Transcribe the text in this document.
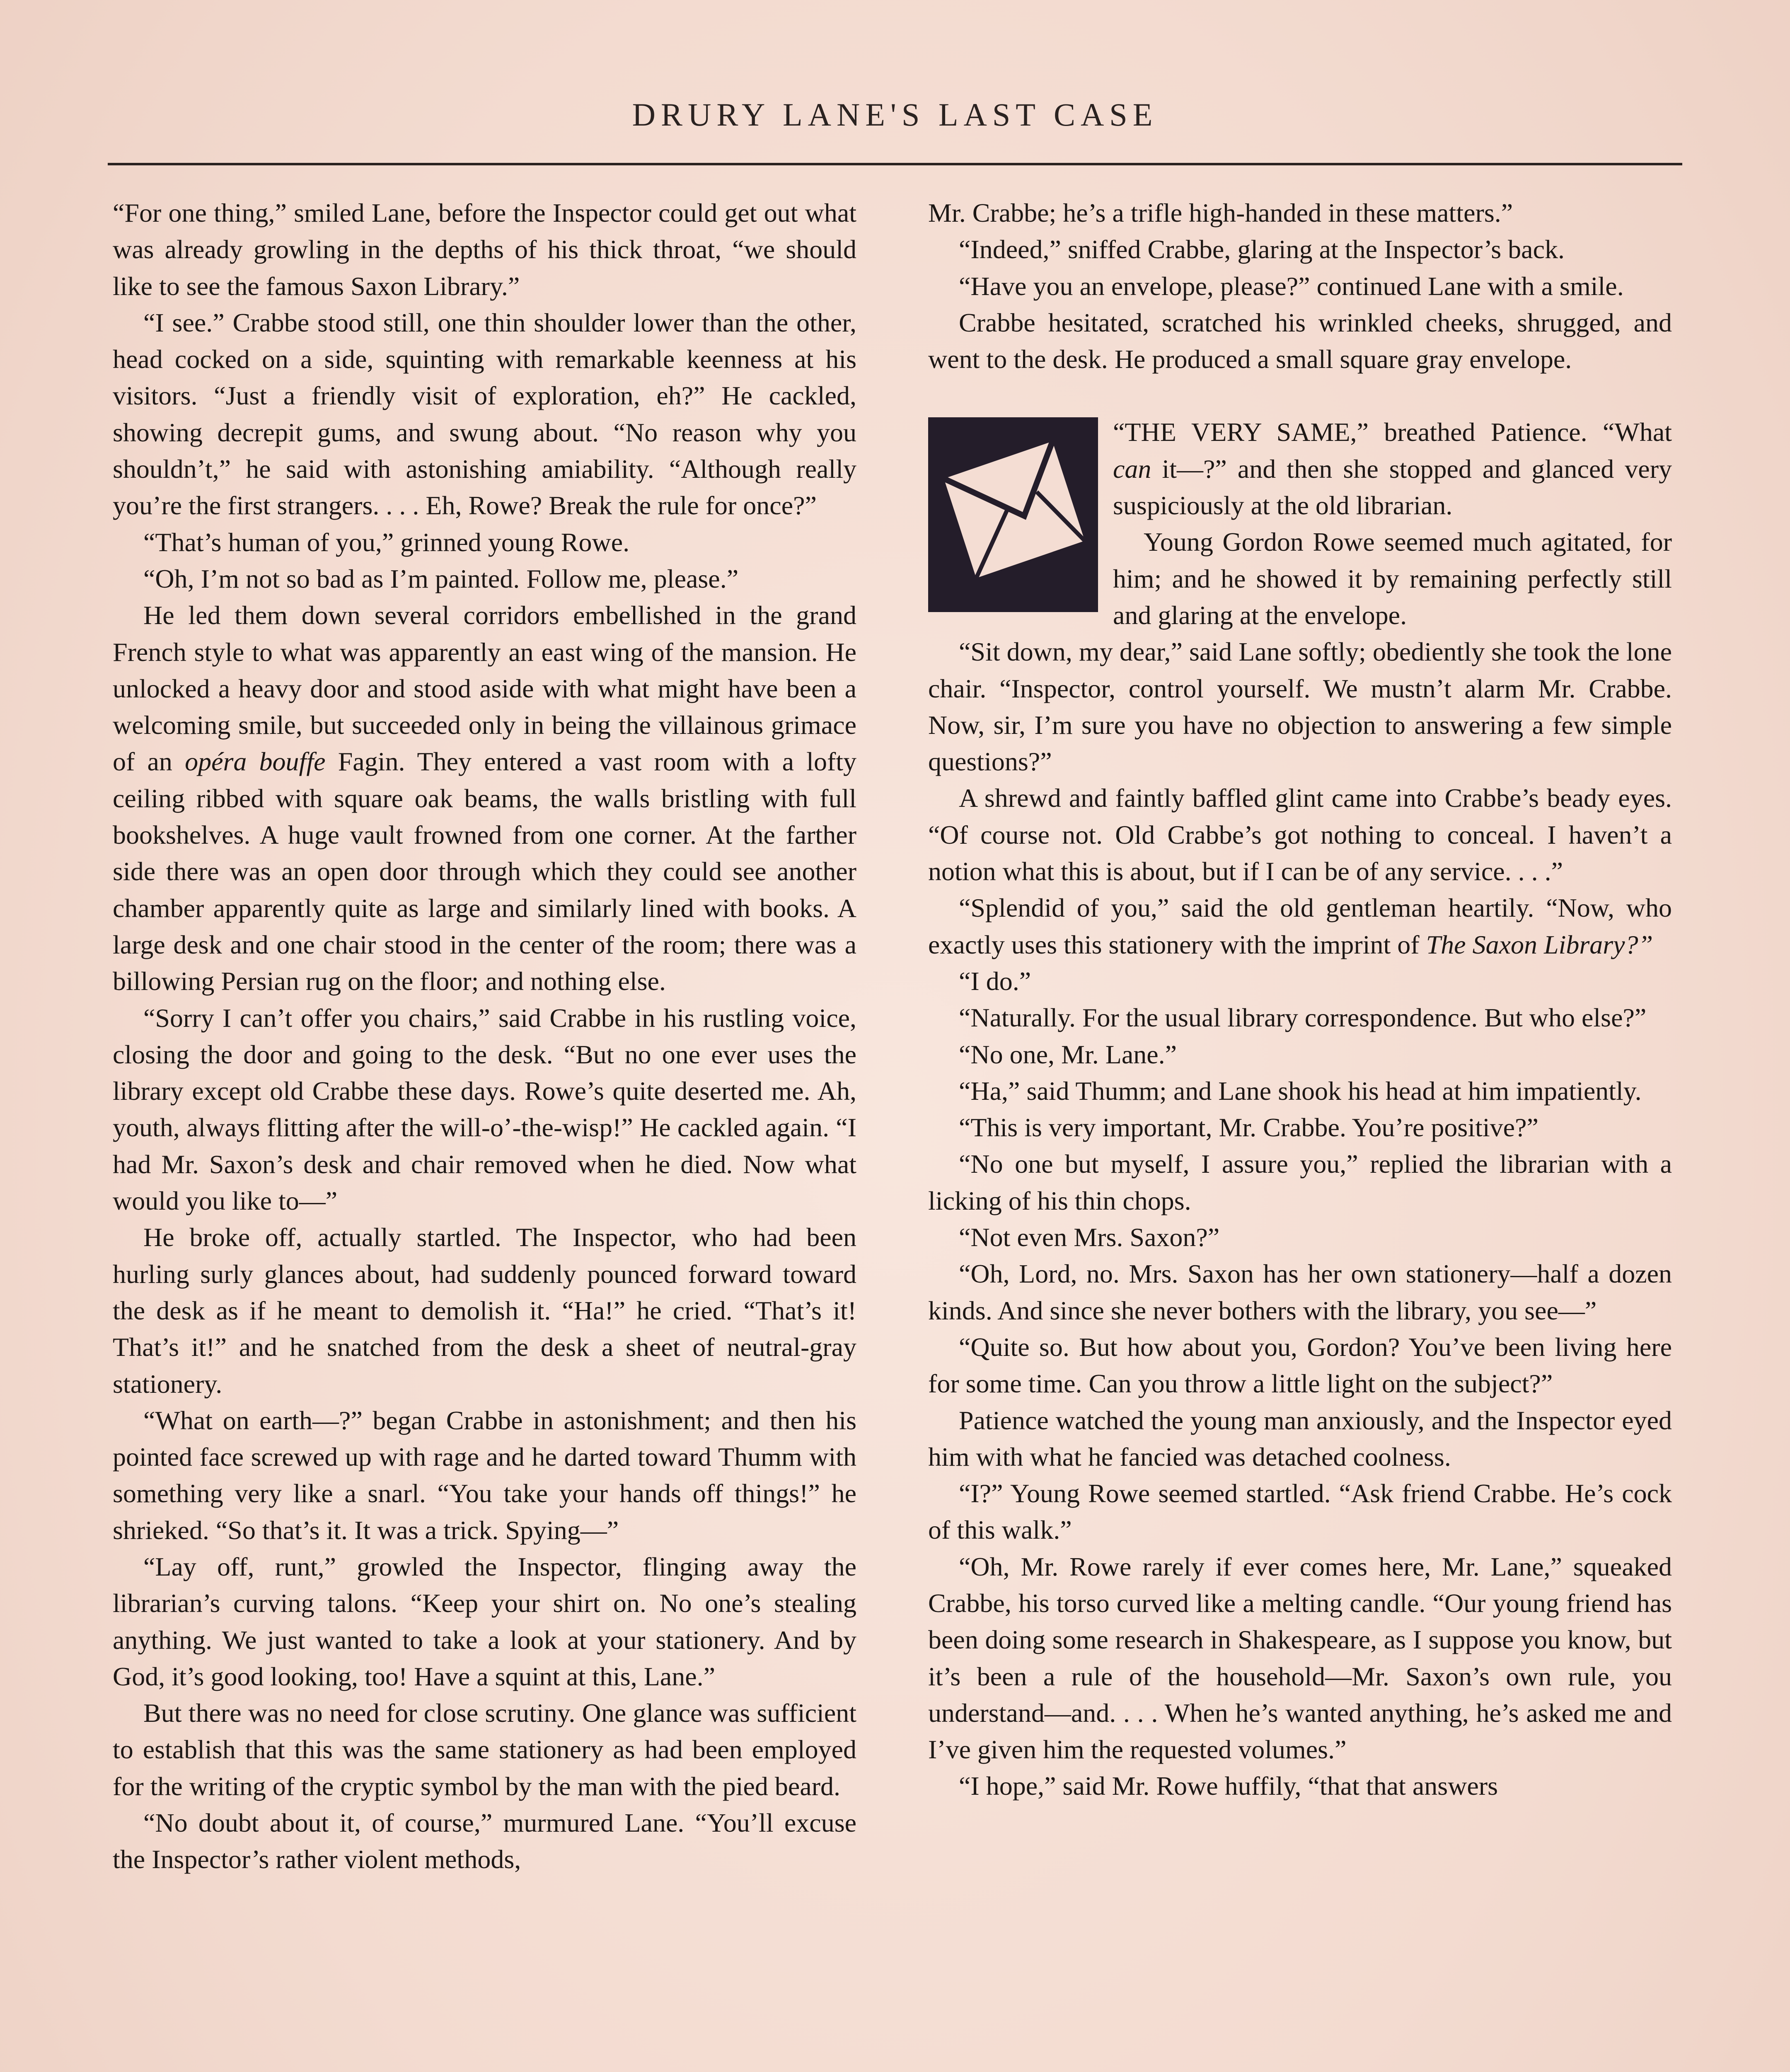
DRURY LANE'S LAST CASE

“For one thing,” smiled Lane, before the Inspector could get out what was already growling in the depths of his thick throat, “we should like to see the famous Saxon Library.”

“I see.” Crabbe stood still, one thin shoulder lower than the other, head cocked on a side, squinting with remarkable keenness at his visitors. “Just a friendly visit of exploration, eh?” He cackled, showing decrepit gums, and swung about. “No reason why you shouldn’t,” he said with astonishing amiability. “Although really you’re the first strangers. . . . Eh, Rowe? Break the rule for once?”

“That’s human of you,” grinned young Rowe.

“Oh, I’m not so bad as I’m painted. Follow me, please.”

He led them down several corridors embellished in the grand French style to what was apparently an east wing of the mansion. He unlocked a heavy door and stood aside with what might have been a welcoming smile, but succeeded only in being the villainous grimace of an opéra bouffe Fagin. They entered a vast room with a lofty ceiling ribbed with square oak beams, the walls bristling with full bookshelves. A huge vault frowned from one corner. At the farther side there was an open door through which they could see another chamber apparently quite as large and similarly lined with books. A large desk and one chair stood in the center of the room; there was a billowing Persian rug on the floor; and nothing else.

“Sorry I can’t offer you chairs,” said Crabbe in his rustling voice, closing the door and going to the desk. “But no one ever uses the library except old Crabbe these days. Rowe’s quite deserted me. Ah, youth, always flitting after the will-o’-the-wisp!” He cackled again. “I had Mr. Saxon’s desk and chair removed when he died. Now what would you like to—”

He broke off, actually startled. The Inspector, who had been hurling surly glances about, had suddenly pounced forward toward the desk as if he meant to demolish it. “Ha!” he cried. “That’s it! That’s it!” and he snatched from the desk a sheet of neutral-gray stationery.

“What on earth—?” began Crabbe in astonishment; and then his pointed face screwed up with rage and he darted toward Thumm with something very like a snarl. “You take your hands off things!” he shrieked. “So that’s it. It was a trick. Spying—”

“Lay off, runt,” growled the Inspector, flinging away the librarian’s curving talons. “Keep your shirt on. No one’s stealing anything. We just wanted to take a look at your stationery. And by God, it’s good looking, too! Have a squint at this, Lane.”

But there was no need for close scrutiny. One glance was sufficient to establish that this was the same stationery as had been employed for the writing of the cryptic symbol by the man with the pied beard.

“No doubt about it, of course,” murmured Lane. “You’ll excuse the Inspector’s rather violent methods,

Mr. Crabbe; he’s a trifle high-handed in these matters.”

“Indeed,” sniffed Crabbe, glaring at the Inspector’s back.

“Have you an envelope, please?” continued Lane with a smile.

Crabbe hesitated, scratched his wrinkled cheeks, shrugged, and went to the desk. He produced a small square gray envelope.

“THE VERY SAME,” breathed Patience. “What can it—?” and then she stopped and glanced very suspiciously at the old librarian.

Young Gordon Rowe seemed much agitated, for him; and he showed it by remaining perfectly still and glaring at the envelope.

“Sit down, my dear,” said Lane softly; obediently she took the lone chair. “Inspector, control yourself. We mustn’t alarm Mr. Crabbe. Now, sir, I’m sure you have no objection to answering a few simple questions?”

A shrewd and faintly baffled glint came into Crabbe’s beady eyes. “Of course not. Old Crabbe’s got nothing to conceal. I haven’t a notion what this is about, but if I can be of any service. . . .”

“Splendid of you,” said the old gentleman heartily. “Now, who exactly uses this stationery with the imprint of The Saxon Library?”

“I do.”

“Naturally. For the usual library correspondence. But who else?”

“No one, Mr. Lane.”

“Ha,” said Thumm; and Lane shook his head at him impatiently.

“This is very important, Mr. Crabbe. You’re positive?”

“No one but myself, I assure you,” replied the librarian with a licking of his thin chops.

“Not even Mrs. Saxon?”

“Oh, Lord, no. Mrs. Saxon has her own stationery—half a dozen kinds. And since she never bothers with the library, you see—”

“Quite so. But how about you, Gordon? You’ve been living here for some time. Can you throw a little light on the subject?”

Patience watched the young man anxiously, and the Inspector eyed him with what he fancied was detached coolness.

“I?” Young Rowe seemed startled. “Ask friend Crabbe. He’s cock of this walk.”

“Oh, Mr. Rowe rarely if ever comes here, Mr. Lane,” squeaked Crabbe, his torso curved like a melting candle. “Our young friend has been doing some research in Shakespeare, as I suppose you know, but it’s been a rule of the household—Mr. Saxon’s own rule, you understand—and. . . . When he’s wanted anything, he’s asked me and I’ve given him the requested volumes.”

“I hope,” said Mr. Rowe huffily, “that that answers
